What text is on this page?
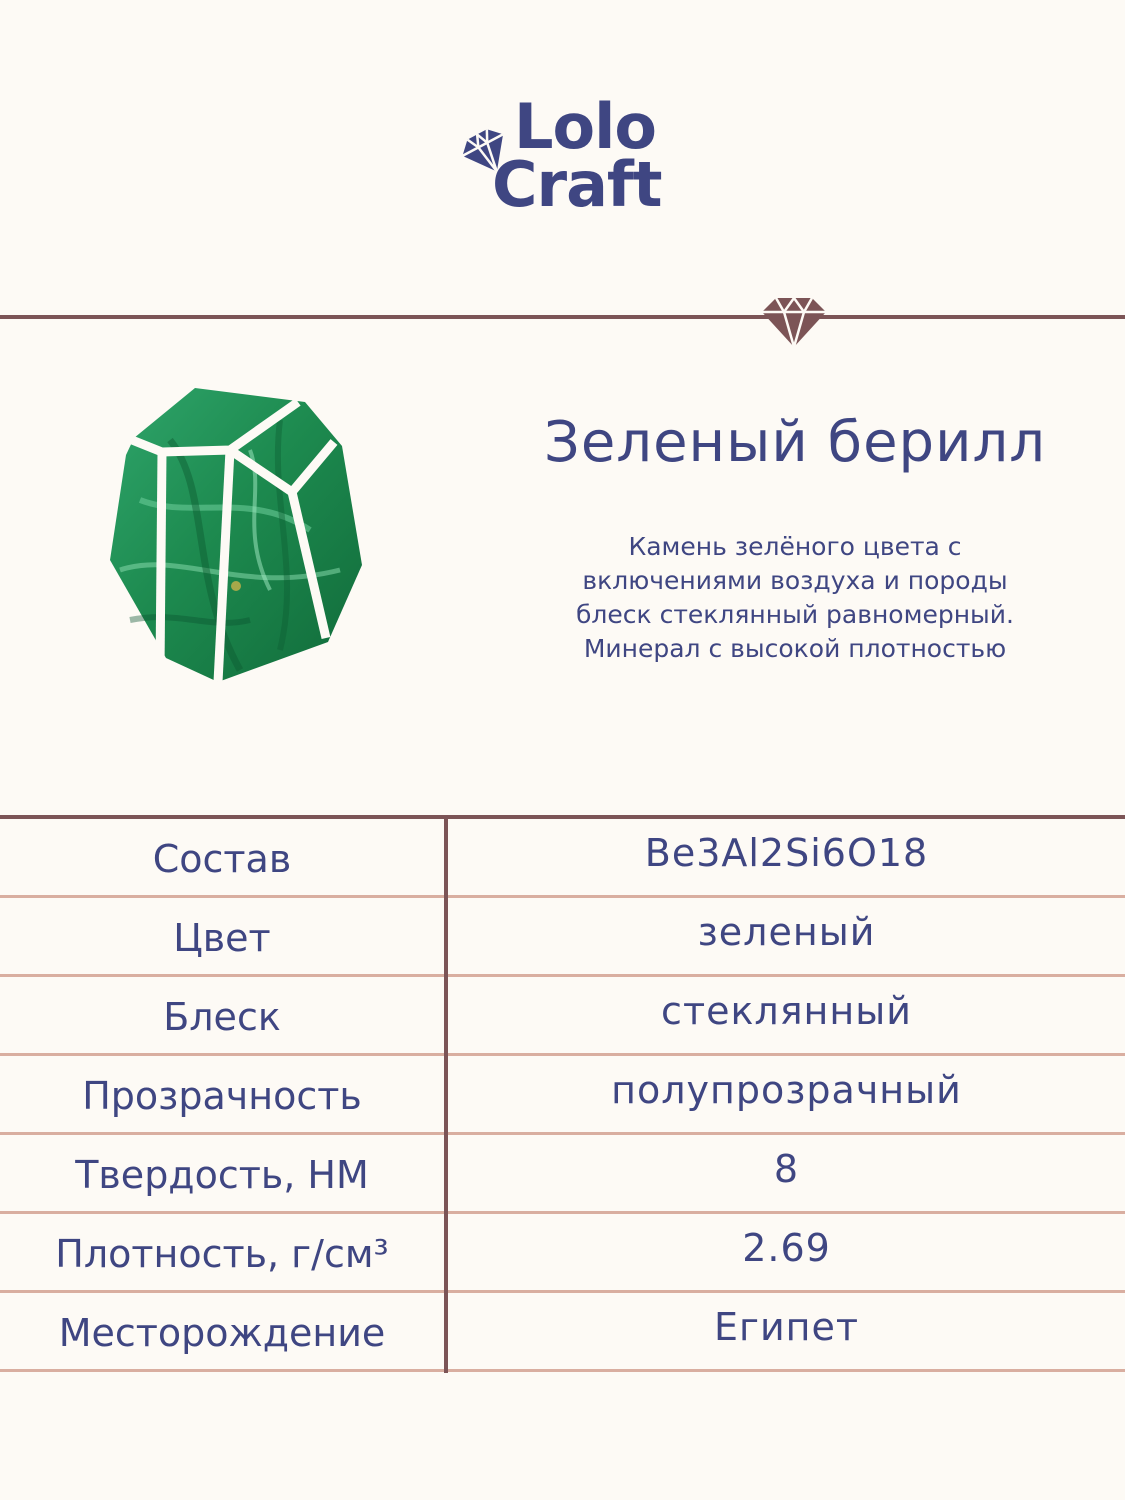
Lolo
Craft
Зеленый берилл
Камень зелёного цвета с
включениями воздуха и породы
блеск стеклянный равномерный.
Минерал с высокой плотностью
Состав	Be3Al2Si6O18
Цвет	зеленый
Блеск	стеклянный
Прозрачность	полупрозрачный
Твердость, НМ	8
Плотность, г/см³	2.69
Месторождение	Египет
